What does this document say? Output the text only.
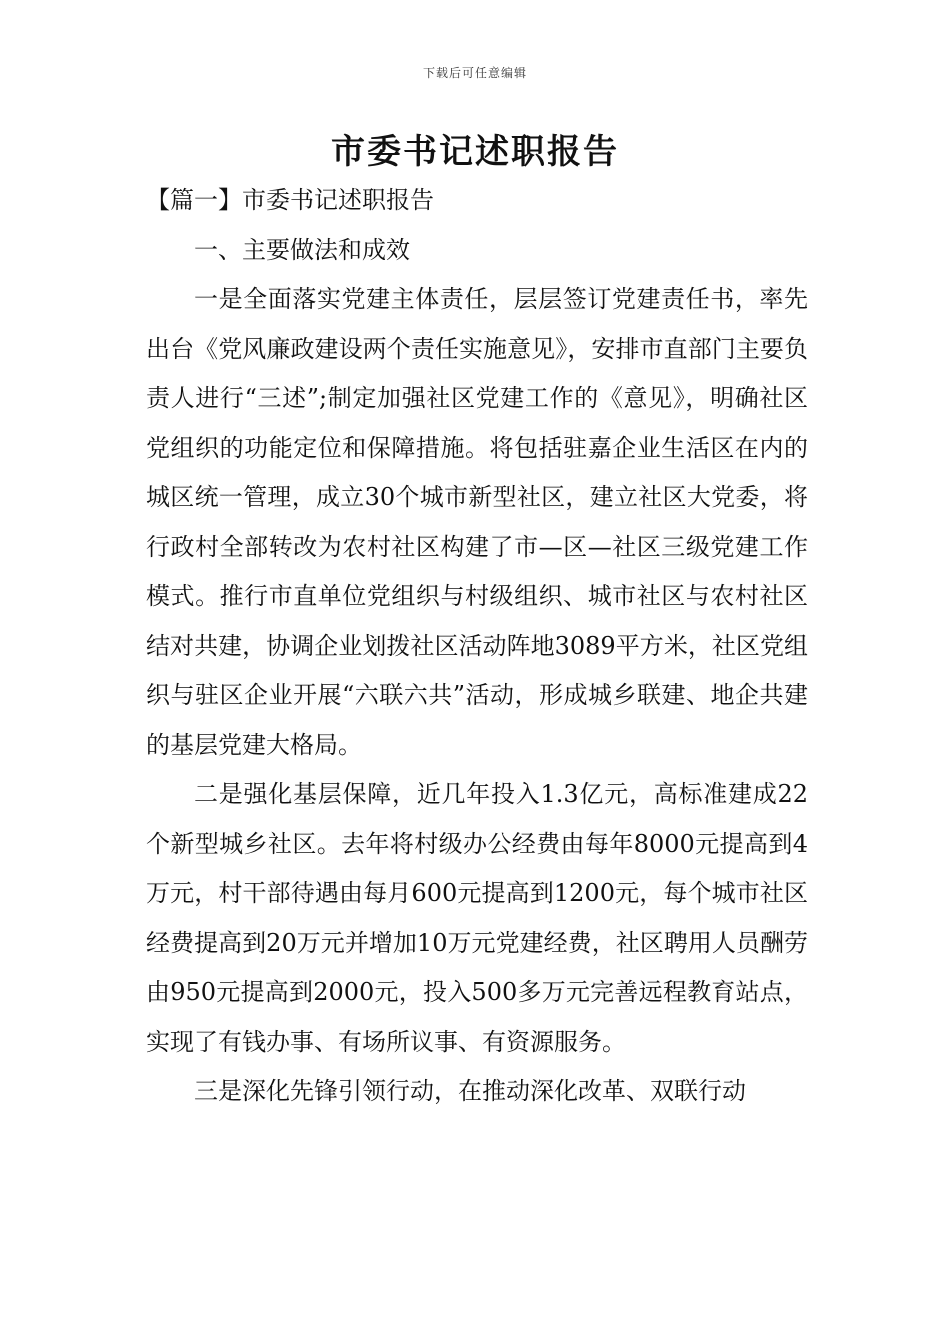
下载后可任意编辑
市委书记述职报告

【篇一】市委书记述职报告

一、主要做法和成效

一是全面落实党建主体责任，层层签订党建责任书，率先出台《党风廉政建设两个责任实施意见》，安排市直部门主要负责人进行“三述”;制定加强社区党建工作的《意见》，明确社区党组织的功能定位和保障措施。将包括驻嘉企业生活区在内的城区统一管理，成立30个城市新型社区，建立社区大党委，将行政村全部转改为农村社区构建了市—区—社区三级党建工作模式。推行市直单位党组织与村级组织、城市社区与农村社区结对共建，协调企业划拨社区活动阵地3089平方米，社区党组织与驻区企业开展“六联六共”活动，形成城乡联建、地企共建的基层党建大格局。

二是强化基层保障，近几年投入1.3亿元，高标准建成22个新型城乡社区。去年将村级办公经费由每年8000元提高到4万元，村干部待遇由每月600元提高到1200元，每个城市社区经费提高到20万元并增加10万元党建经费，社区聘用人员酬劳由950元提高到2000元，投入500多万元完善远程教育站点，实现了有钱办事、有场所议事、有资源服务。

三是深化先锋引领行动，在推动深化改革、双联行动
